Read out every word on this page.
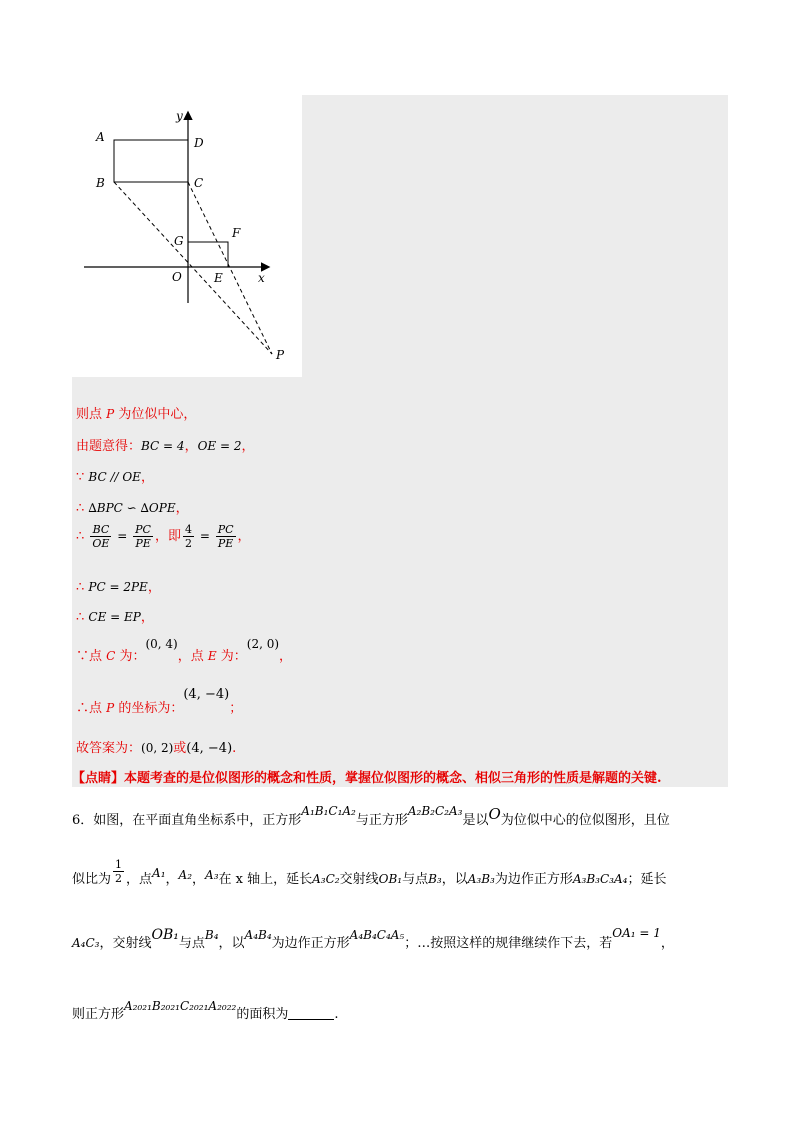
y
A	D
B	C
G
F
O	E	x
P
则点 P 为位似中心，
由题意得：BC = 4，OE = 2，
∵ BC // OE，
∴ ∆BPC ∽ ∆OPE，
∴ $\frac{BC}{OE} = \frac{PC}{PE}$ ，即 $\frac{4}{2} = \frac{PC}{PE}$ ，
∴ PC = 2PE，
∴ CE = EP，
∵点 C 为：(0, 4)，点 E 为：(2, 0)，
∴点 P 的坐标为：(4, −4)；
故答案为：(0, 2)或(4, −4).
【点睛】本题考查的是位似图形的概念和性质，掌握位似图形的概念、相似三角形的性质是解题的关键.
6．如图，在平面直角坐标系中，正方形A₁B₁C₁A₂与正方形A₂B₂C₂A₃是以O为位似中心的位似图形，且位
似比为 $\frac{1}{2}$ ，点A₁，A₂，A₃在 x 轴上，延长A₃C₂交射线OB₁与点B₃，以A₃B₃为边作正方形A₃B₃C₃A₄；延长
A₄C₃，交射线OB₁与点B₄，以A₄B₄为边作正方形A₄B₄C₄A₅；…按照这样的规律继续作下去，若OA₁ = 1，
则正方形A₂₀₂₁B₂₀₂₁C₂₀₂₁A₂₀₂₂的面积为	.
